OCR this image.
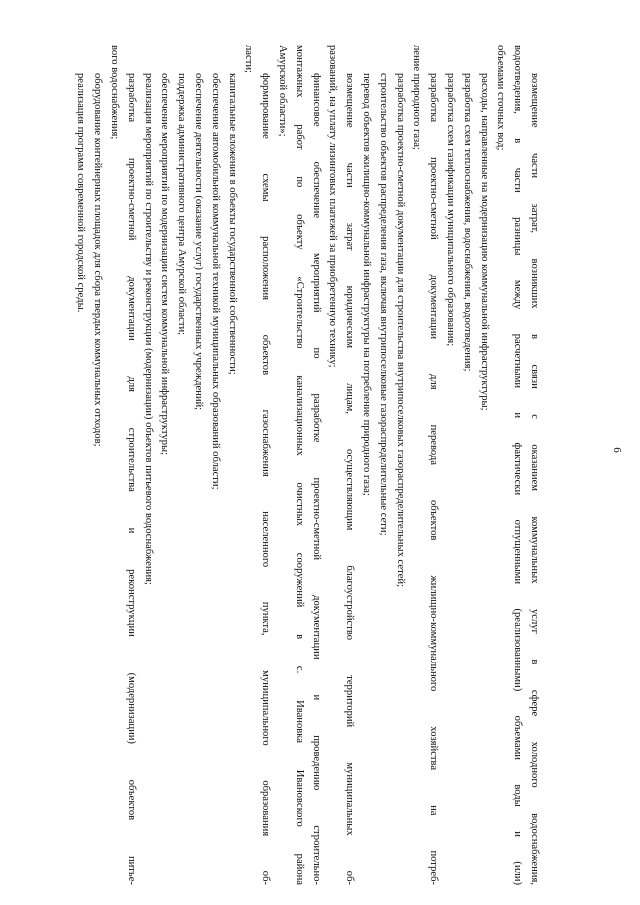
6
возмещение части затрат, возникших в связи с оказанием коммунальных услуг в сфере холодного водоснабжения,
водоотведения, в части разницы между расчетными и фактически отпущенными (реализованными) объемами воды и (или)
объемами сточных вод;
расходы, направленные на модернизацию коммунальной инфраструктуры;
разработка схем теплоснабжения, водоснабжения, водоотведения;
разработка схем газификации муниципального образования;
разработка проектно-сметной документации для перевода объектов жилищно-коммунального хозяйства на потреб-
ление природного газа;
разработка проектно-сметной документации для строительства внутрипоселковых газораспределительных сетей;
строительство объектов распределения газа, включая внутрипоселковые газораспределительные сети;
перевод объектов жилищно-коммунальной инфраструктуры на потребление природного газа;
возмещение части затрат юридическим лицам, осуществляющим благоустройство территорий муниципальных об-
разований, на уплату лизинговых платежей за приобретенную технику;
финансовое обеспечение мероприятий по разработке проектно-сметной документации и проведению строительно-
монтажных работ по объекту «Строительство канализационных очистных сооружений в с. Ивановка Ивановского района
Амурской области»;
формирование схемы расположения объектов газоснабжения населенного пункта, муниципального образования об-
ласти;
капитальные вложения в объекты государственной собственности;
обеспечение автомобильной коммунальной техникой муниципальных образований области;
обеспечение деятельности (оказание услуг) государственных учреждений;
поддержка административного центра Амурской области;
обеспечение мероприятий по модернизации систем коммунальной инфраструктуры;
реализация мероприятий по строительству и реконструкции (модернизации) объектов питьевого водоснабжения;
разработка проектно-сметной документации для строительства и реконструкции (модернизации) объектов питье-
вого водоснабжения;
оборудование контейнерных площадок для сбора твердых коммунальных отходов;
реализация программ современной городской среды.
